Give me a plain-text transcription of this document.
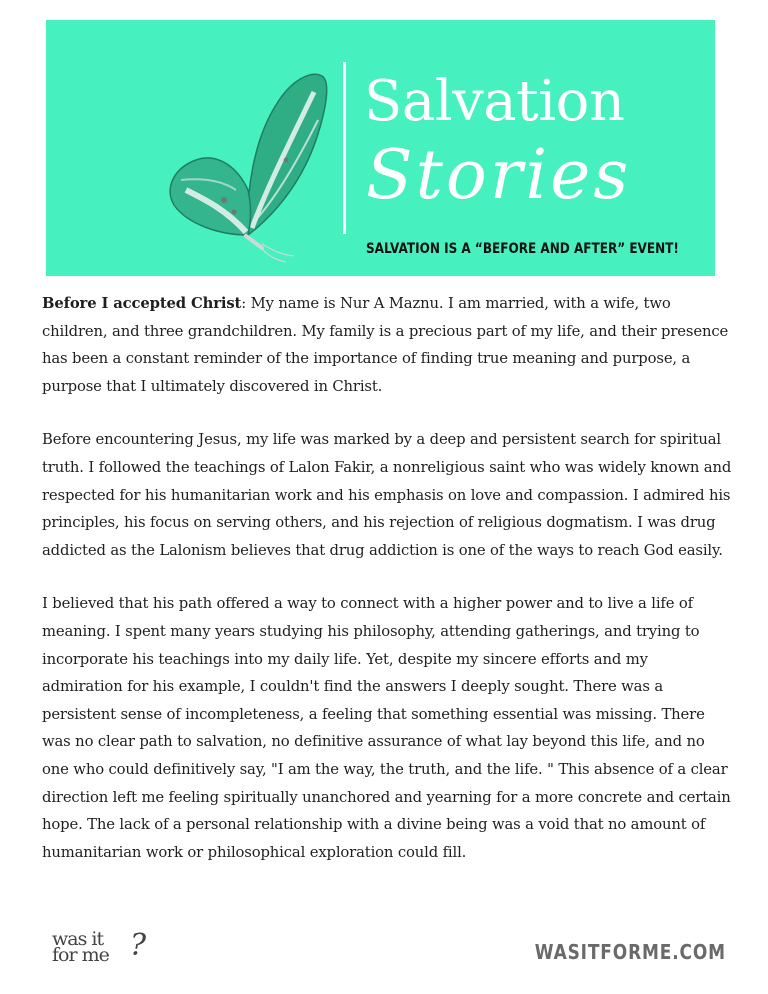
Salvation
Stories
SALVATION IS A “BEFORE AND AFTER” EVENT!

Before I accepted Christ: My name is Nur A Maznu. I am married, with a wife, two children, and three grandchildren. My family is a precious part of my life, and their presence has been a constant reminder of the importance of finding true meaning and purpose, a purpose that I ultimately discovered in Christ.

Before encountering Jesus, my life was marked by a deep and persistent search for spiritual truth. I followed the teachings of Lalon Fakir, a nonreligious saint who was widely known and respected for his humanitarian work and his emphasis on love and compassion. I admired his principles, his focus on serving others, and his rejection of religious dogmatism. I was drug addicted as the Lalonism believes that drug addiction is one of the ways to reach God easily.

I believed that his path offered a way to connect with a higher power and to live a life of meaning. I spent many years studying his philosophy, attending gatherings, and trying to incorporate his teachings into my daily life. Yet, despite my sincere efforts and my admiration for his example, I couldn't find the answers I deeply sought. There was a persistent sense of incompleteness, a feeling that something essential was missing. There was no clear path to salvation, no definitive assurance of what lay beyond this life, and no one who could definitively say, "I am the way, the truth, and the life. " This absence of a clear direction left me feeling spiritually unanchored and yearning for a more concrete and certain hope. The lack of a personal relationship with a divine being was a void that no amount of humanitarian work or philosophical exploration could fill.

was it
for me ?	WASITFORME.COM
